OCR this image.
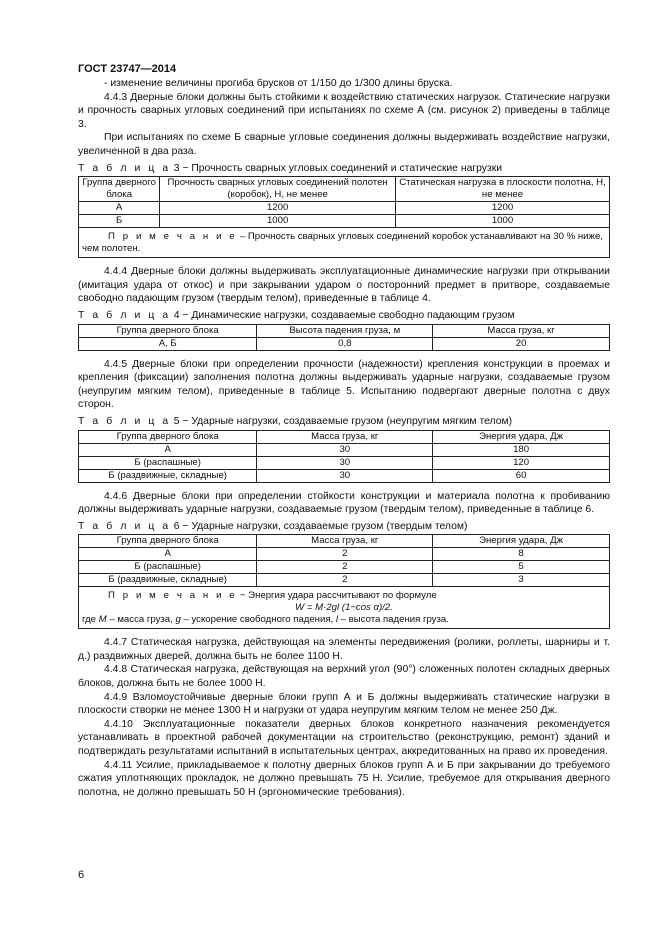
ГОСТ 23747—2014

- изменение величины прогиба брусков от 1/150 до 1/300 длины бруска.

4.4.3 Дверные блоки должны быть стойкими к воздействию статических нагрузок. Статические нагрузки и прочность сварных угловых соединений при испытаниях по схеме А (см. рисунок 2) приведены в таблице 3.

При испытаниях по схеме Б сварные угловые соединения должны выдерживать воздействие нагрузки, увеличенной в два раза.

Т а б л и ц а 3 − Прочность сварных угловых соединений и статические нагрузки
Группа дверного блока	Прочность сварных угловых соединений полотен (коробок), Н, не менее	Статическая нагрузка в плоскости полотна, Н, не менее
А	1200	1200
Б	1000	1000

П р и м е ч а н и е – Прочность сварных угловых соединений коробок устанавливают на 30 % ниже, чем полотен.		

4.4.4 Дверные блоки должны выдерживать эксплуатационные динамические нагрузки при открывании (имитация удара от откос) и при закрывании ударом о посторонний предмет в притворе, создаваемые свободно падающим грузом (твердым телом), приведенные в таблице 4.

Т а б л и ц а 4 − Динамические нагрузки, создаваемые свободно падающим грузом
Группа дверного блока	Высота падения груза, м	Масса груза, кг
А, Б	0,8	20

4.4.5 Дверные блоки при определении прочности (надежности) крепления конструкции в проемах и крепления (фиксации) заполнения полотна должны выдерживать ударные нагрузки, создаваемые грузом (неупругим мягким телом), приведенные в таблице 5. Испытанию подвергают дверные полотна с двух сторон.

Т а б л и ц а 5 − Ударные нагрузки, создаваемые грузом (неупругим мягким телом)
Группа дверного блока	Масса груза, кг	Энергия удара, Дж
А	30	180
Б (распашные)	30	120
Б (раздвижные, складные)	30	60

4.4.6 Дверные блоки при определении стойкости конструкции и материала полотна к пробиванию должны выдерживать ударные нагрузки, создаваемые грузом (твердым телом), приведенные в таблице 6.

Т а б л и ц а 6 − Ударные нагрузки, создаваемые грузом (твердым телом)
Группа дверного блока	Масса груза, кг	Энергия удара, Дж
А	2	8
Б (распашные)	2	5
Б (раздвижные, складные)	2	3

П р и м е ч а н и е − Энергия удара рассчитывают по формуле
W = M·2gl (1−cos α)/2.
где M – масса груза, g – ускорение свободного падения, l – высота падения груза.		

4.4.7 Статическая нагрузка, действующая на элементы передвижения (ролики, роллеты, шарниры и т. д.) раздвижных дверей, должна быть не более 1100 Н.

4.4.8 Статическая нагрузка, действующая на верхний угол (90°) сложенных полотен складных дверных блоков, должна быть не более 1000 Н.

4.4.9 Взломоустойчивые дверные блоки групп А и Б должны выдерживать статические нагрузки в плоскости створки не менее 1300 Н и нагрузки от удара неупругим мягким телом не менее 250 Дж.

4.4.10 Эксплуатационные показатели дверных блоков конкретного назначения рекомендуется устанавливать в проектной рабочей документации на строительство (реконструкцию, ремонт) зданий и подтверждать результатами испытаний в испытательных центрах, аккредитованных на право их проведения.

4.4.11 Усилие, прикладываемое к полотну дверных блоков групп А и Б при закрывании до требуемого сжатия уплотняющих прокладок, не должно превышать 75 Н. Усилие, требуемое для открывания дверного полотна, не должно превышать 50 Н (эргономические требования).

6
